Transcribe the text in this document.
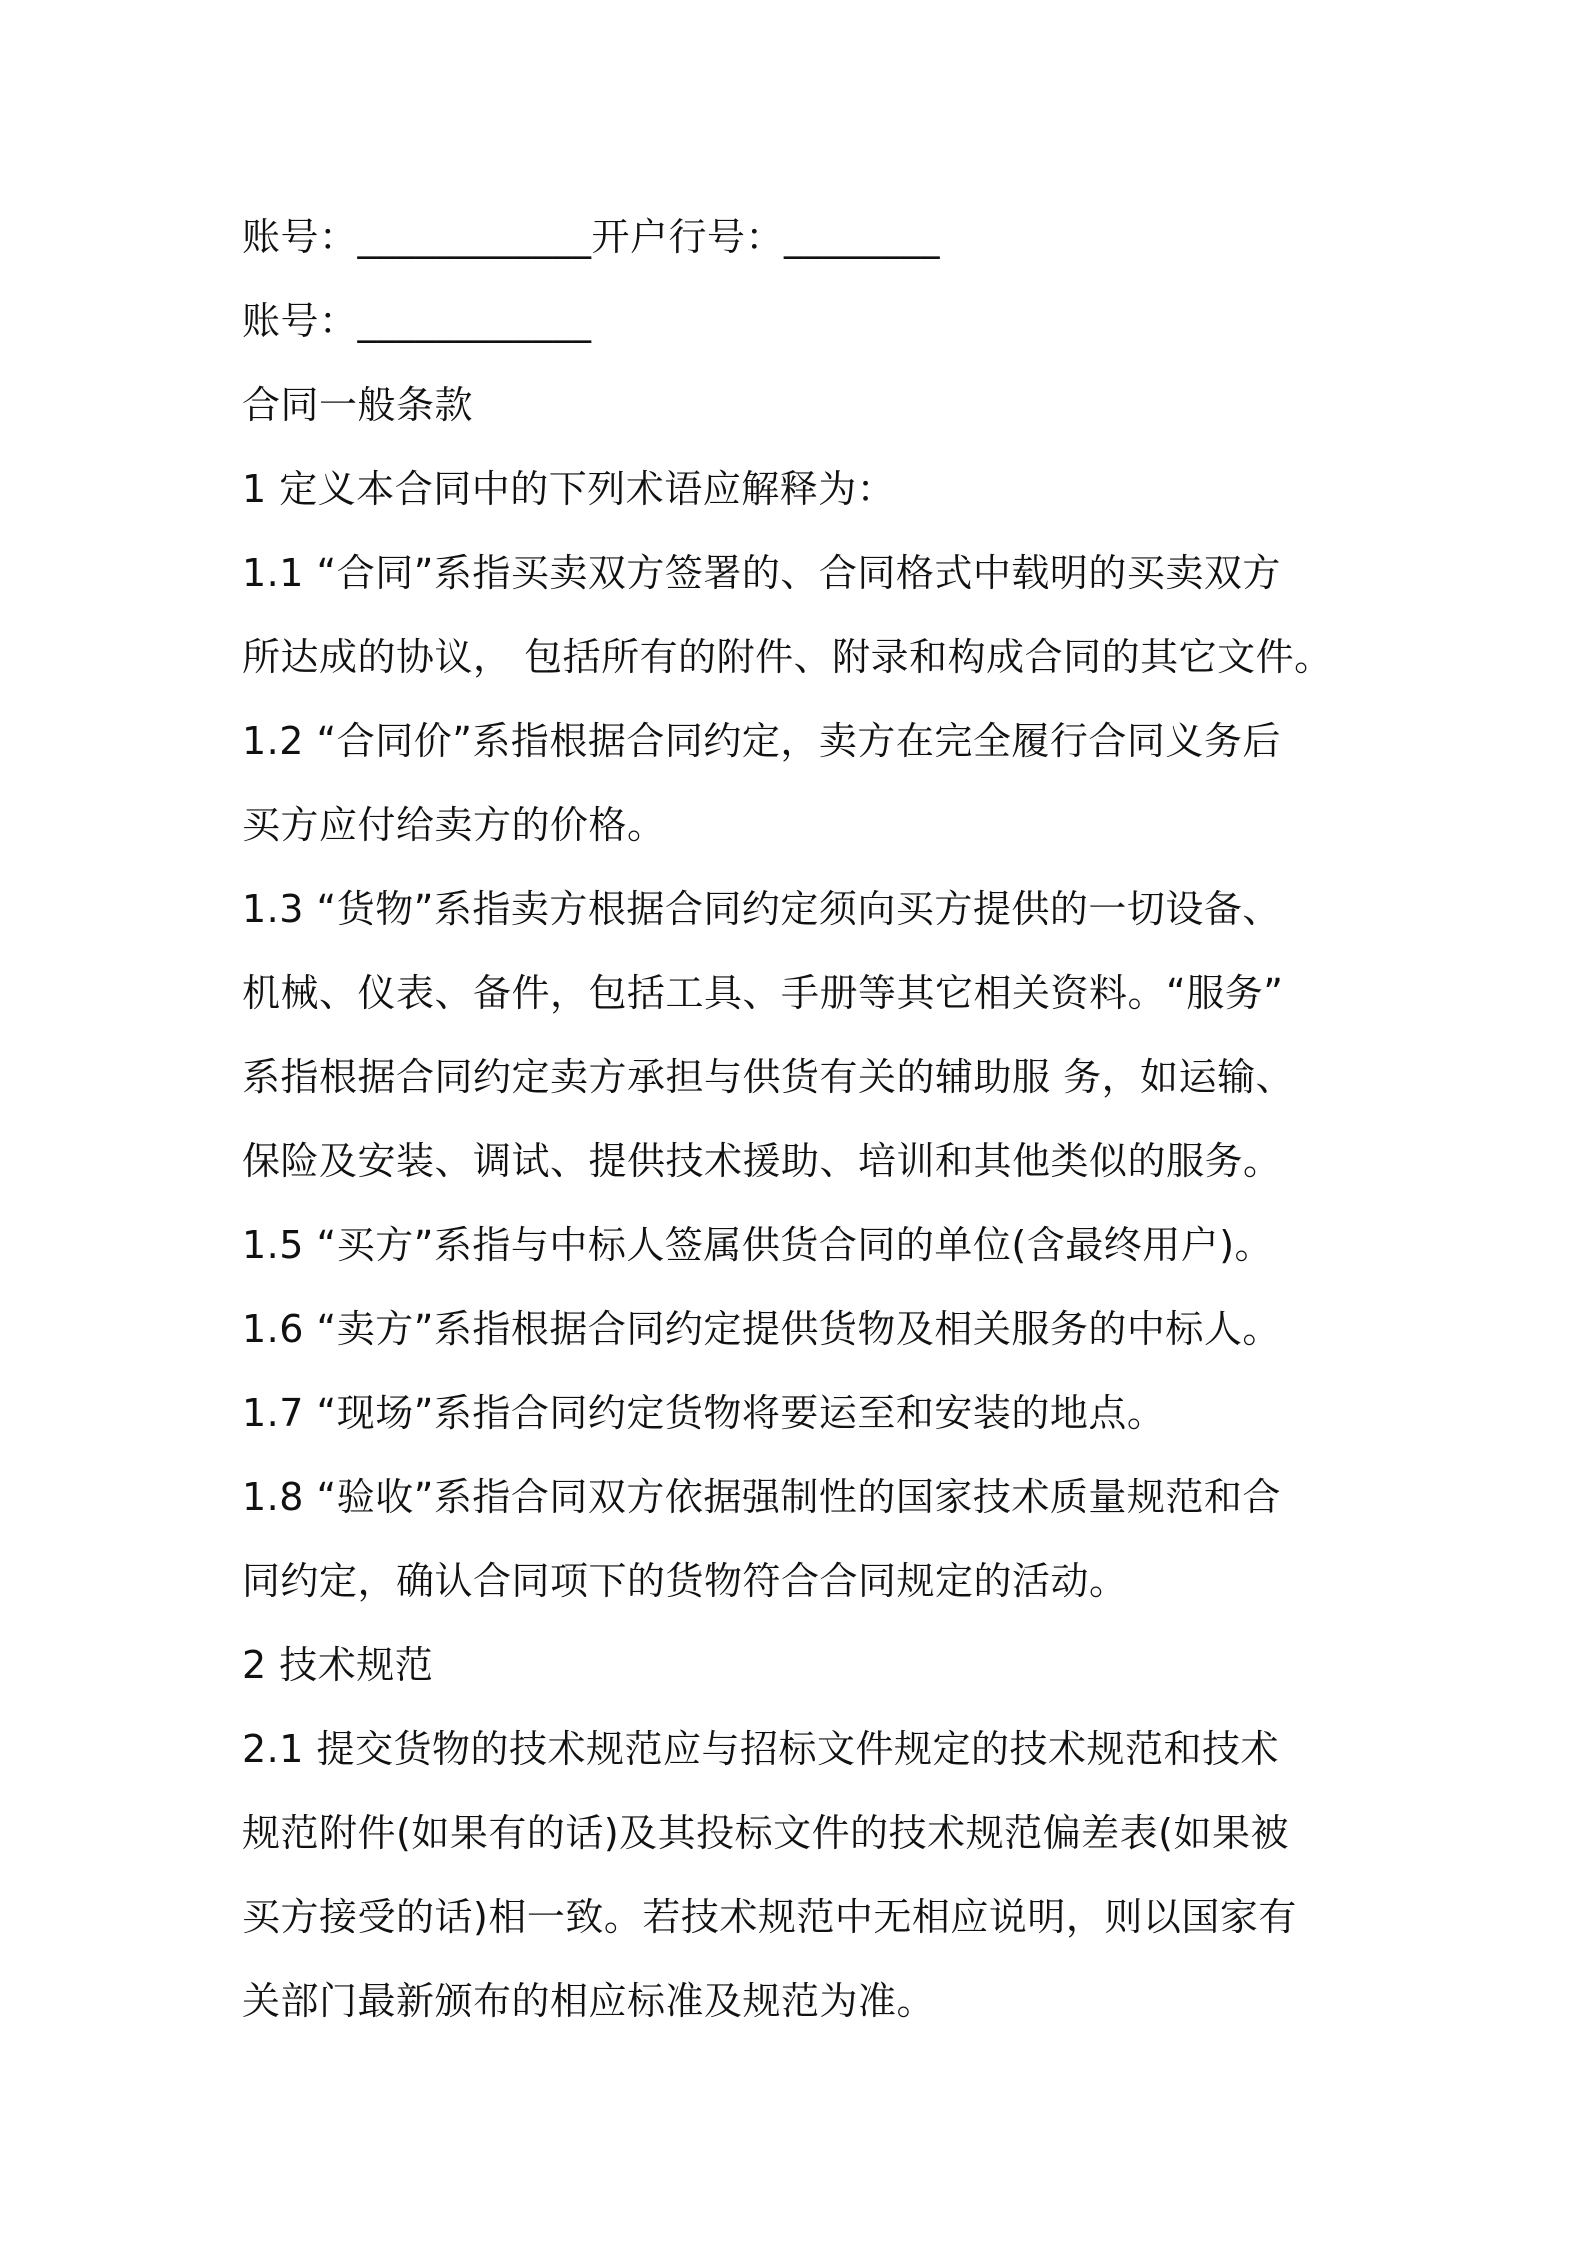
账号：____________开户行号：________
账号：____________
合同一般条款
1 定义本合同中的下列术语应解释为：
1.1 “合同”系指买卖双方签署的、合同格式中载明的买卖双方
所达成的协议， 包括所有的附件、附录和构成合同的其它文件。
1.2 “合同价”系指根据合同约定，卖方在完全履行合同义务后
买方应付给卖方的价格。
1.3 “货物”系指卖方根据合同约定须向买方提供的一切设备、
机械、仪表、备件，包括工具、手册等其它相关资料。“服务”
系指根据合同约定卖方承担与供货有关的辅助服 务，如运输、
保险及安装、调试、提供技术援助、培训和其他类似的服务。
1.5 “买方”系指与中标人签属供货合同的单位(含最终用户)。
1.6 “卖方”系指根据合同约定提供货物及相关服务的中标人。
1.7 “现场”系指合同约定货物将要运至和安装的地点。
1.8 “验收”系指合同双方依据强制性的国家技术质量规范和合
同约定，确认合同项下的货物符合合同规定的活动。
2 技术规范
2.1 提交货物的技术规范应与招标文件规定的技术规范和技术
规范附件(如果有的话)及其投标文件的技术规范偏差表(如果被
买方接受的话)相一致。若技术规范中无相应说明，则以国家有
关部门最新颁布的相应标准及规范为准。
